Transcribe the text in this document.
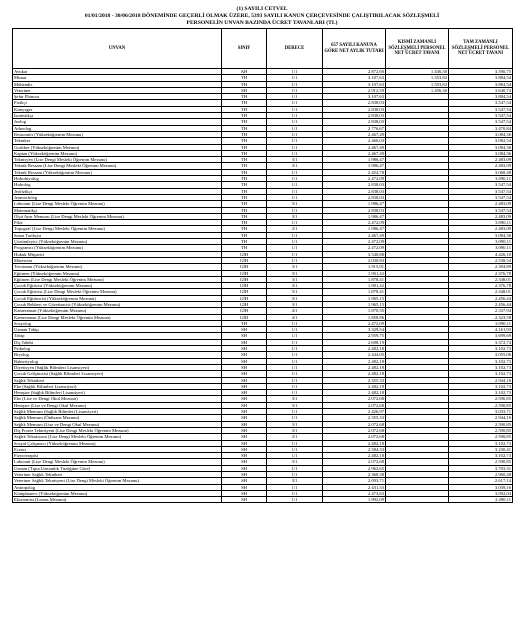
(1) SAYILI CETVEL
01/01/2018 - 30/06/2018 DÖNEMİNDE GEÇERLİ OLMAK ÜZERE, 5393 SAYILI KANUN ÇERÇEVESİNDE ÇALIŞTIRILACAK SÖZLEŞMELİ
PERSONELİN UNVAN BAZINDA ÜCRET TAVANLARI (TL)
UNVAN	SINIF	DERECE	657 SAYILI KANUNA GÖRE NET AYLIK TUTARI	KISMİ ZAMANLI SÖZLEŞMELİ PERSONEL NET ÜCRET TAVANI	TAM ZAMANLI SÖZLEŞMELİ PERSONEL NET ÜCRET TAVANI
Avukat	AH	1/1	2.872,60	1.436,30	3.590,75
Mimar	TH	1/1	3.107,63	1.553,82	3.884,54
Mühendis	TH	1/1	3.107,63	1.553,82	3.884,54
Veteriner	SH	1/1	2.912,59	1.456,30	3.640,74
Şehir Plancısı	TH	1/1	3.107,63		3.884,54
Fizikçi	TH	1/1	2.838,03		3.547,54
Kimyager	TH	1/1	2.838,03		3.547,54
İstatistikçi	TH	1/1	2.838,03		3.547,54
Jeolog	TH	1/1	2.838,03		3.547,54
Arkeolog	TH	1/1	2.776,67		3.470,84
Restoratör (Yükseköğrenim Mezunu)	TH	1/1	2.467,49		3.084,36
Tekniker	TH	1/1	2.466,03		3.082,54
Grafiker (Yükseköğrenim Mezunu)	TH	1/1	2.467,49		3.084,36
Kaptan (Yükseköğrenim Mezunu)	TH	1/1	2.467,49		3.084,36
Teknisyen (Lise Dengi Mesleki Öğrenim Mezunu)	TH	3/1	1.986,47		2.483,09
Teknik Ressam (Lise Dengi Mesleki Öğrenim Mezunu)	TH	3/1	1.986,47		2.483,09
Teknik Ressam (Yükseköğrenim Mezunu)	TH	1/1	2.454,78		3.068,48
Hidrobiyolog	TH	1/1	2.472,09		3.090,11
Hidrolog	TH	1/1	2.838,03		3.547,54
Jeofizikçi	TH	1/1	2.838,03		3.547,54
Jeomorfolog	TH	1/1	2.838,03		3.547,54
Laborant (Lise Dengi Mesleki Öğrenim Mezunu)	TH	3/1	1.986,47		2.483,09
Matematikçi	TH	1/1	2.838,03		3.547,54
Ölçü Ayar Memuru (Lise Dengi Mesleki Öğrenim Mezunu)	TH	3/1	1.986,47		2.483,09
Pilot	TH	1/1	2.472,09		3.090,11
Topograf (Lise Dengi Mesleki Öğrenim Mezunu)	TH	3/1	1.986,47		2.483,09
Sanat Tarihçisi	TH	1/1	2.467,49		3.084,36
Çözümleyici (Yükseköğrenim Mezunu)	TH	1/1	2.472,09		3.090,11
Programcı (Yükseköğrenim Mezunu)	TH	1/1	2.472,09		3.090,11
Hukuk Müşaviri	GİH	1/1	3.540,88		4.426,10
Mütercim	GİH	1/1	2.030,83		2.538,54
Tercüman (Yükseköğrenim Mezunu)	GİH	3/1	1.915,91		2.394,89
Eğitmen (Yükseköğrenim Mezunu)	GİH	3/1	1.901,42		2.376,78
Eğitmen (Lise Dengi Mesleki Öğrenim Mezunu)	GİH	3/1	1.878,41		2.348,01
Çocuk Eğiticisi (Yükseköğrenim Mezunu)	GİH	3/1	1.901,42		2.376,78
Çocuk Eğiticisi (Lise Dengi Mesleki Öğrenim Mezunu)	GİH	3/1	1.878,41		2.348,01
Çocuk Eğitimcisi (Yükseköğrenim Mezunu)	GİH	3/1	1.965,15		2.456,44
Çocuk Rehberi ve Gözetimcisi (Yükseköğrenim Mezunu)	GİH	3/1	1.965,15		2.456,44
Kameraman (Yükseköğrenim Mezunu)	GİH	4/1	1.870,35		2.337,94
Kameraman (Lise Dengi Mesleki Öğrenim Mezunu)	GİH	4/1	1.858,86		2.323,58
Sosyolog	TH	1/1	2.472,09		3.090,11
Uzman Tabip	SH	1/1	3.329,54		4.161,93
Tabip	SH	1/1	2.959,75		3.699,69
Diş Tabibi	SH	1/1	2.698,19		3.372,74
Psikolog	SH	1/1	2.482,18		3.102,73
Biyolog	SH	1/1	2.444,05		3.055,06
Bakteriyolog	SH	1/1	2.482,18		3.102,73
Diyetisyen (Sağlık Bilimleri Lisansiyeri)	SH	1/1	2.482,18		3.102,73
Çocuk Gelişimcisi (Sağlık Bilimleri Lisansiyeri)	SH	1/1	2.482,18		3.102,73
Sağlık Teknikeri	SH	1/1	2.355,33		2.944,16
Ebe (Sağlık Bilimleri Lisansiyeri)	SH	1/1	2.482,18		3.102,73
Hemşire (Sağlık Bilimleri Lisansiyeri)	SH	1/1	2.482,18		3.102,73
Ebe (Lise ve Dengi Okul Mezunu)	SH	3/1	2.072,68		2.590,85
Hemşire (Lise ve Dengi Okul Mezunu)	SH	3/1	2.072,68		2.590,85
Sağlık Memuru (Sağlık Bilimleri Lisansiyeri)	SH	1/1	2.426,97		3.033,71
Sağlık Memuru (Önlisans Mezunu)	SH	1/1	2.355,33		2.944,16
Sağlık Memuru (Lise ve Dengi Okul Mezunu)	SH	3/1	2.072,68		2.590,85
Diş Protez Teknisyeni (Lise Dengi Mesleki Öğrenim Mezunu)	SH	3/1	2.072,68		2.590,85
Sağlık Teknisyeni (Lise Dengi Mesleki Öğrenim Mezunu)	SH	3/1	2.072,68		2.590,85
Sosyal Çalışmacı (Yükseköğrenim Mezunu)	SH	1/1	2.482,18		3.102,73
Eczacı	SH	1/1	2.584,33		3.230,41
Fizyoterapist	SH	1/1	2.482,18		3.102,73
Laborant (Lise Dengi Mesleki Öğrenim Mezunu)	SH	3/1	2.072,68		2.590,85
Uzman (Tıpta Uzmanlık Tüzüğüne Göre)	SH	1/1	2.962,65		3.703,31
Veteriner Sağlık Teknikeri	SH	1/1	2.368,38		2.960,48
Veteriner Sağlık Teknisyeni (Lise Dengi Mesleki Öğrenim Mezunu)	SH	3/1	2.093,71		2.617,14
Antropolog	SH	1/1	2.431,33		3.039,16
Kütüphaneci (Yükseköğrenim Mezunu)	SH	1/1	2.473,63		3.092,04
Ekonomist (Lisans Mezunu)	SH	1/1	1.992,09		2.490,11
